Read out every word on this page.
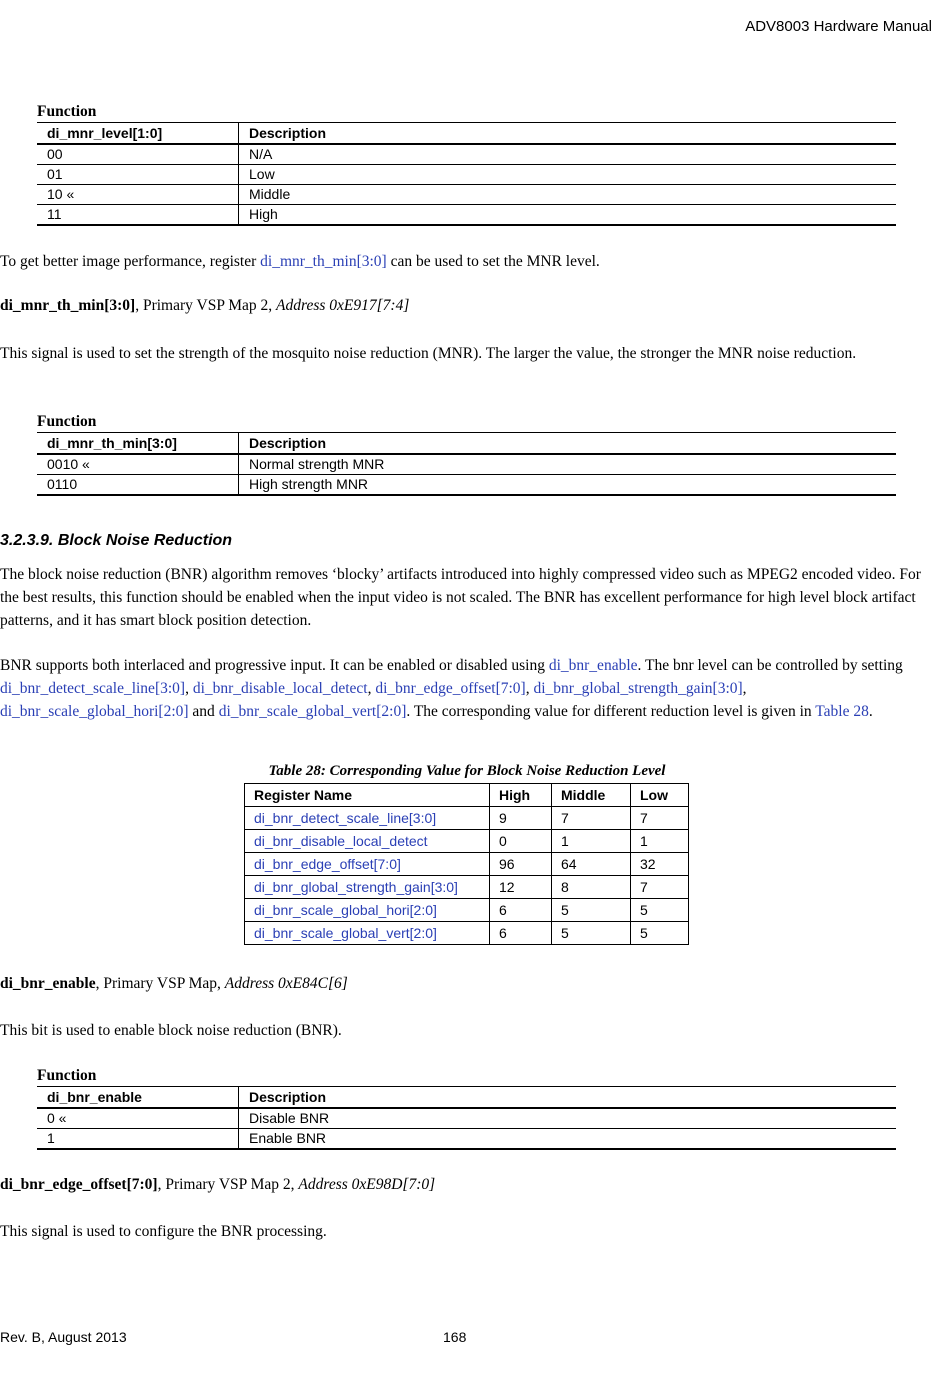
ADV8003 Hardware Manual
Function
di_mnr_level[1:0]	Description
00	N/A
01	Low
10 «	Middle
11	High
To get better image performance, register di_mnr_th_min[3:0] can be used to set the MNR level.
di_mnr_th_min[3:0], Primary VSP Map 2, Address 0xE917[7:4]
This signal is used to set the strength of the mosquito noise reduction (MNR). The larger the value, the stronger the MNR noise reduction.
Function
di_mnr_th_min[3:0]	Description
0010 «	Normal strength MNR
0110	High strength MNR
3.2.3.9. Block Noise Reduction
The block noise reduction (BNR) algorithm removes ‘blocky’ artifacts introduced into highly compressed video such as MPEG2 encoded video. For the best results, this function should be enabled when the input video is not scaled. The BNR has excellent performance for high level block artifact patterns, and it has smart block position detection.
BNR supports both interlaced and progressive input. It can be enabled or disabled using di_bnr_enable. The bnr level can be controlled by setting di_bnr_detect_scale_line[3:0], di_bnr_disable_local_detect, di_bnr_edge_offset[7:0], di_bnr_global_strength_gain[3:0], di_bnr_scale_global_hori[2:0] and di_bnr_scale_global_vert[2:0]. The corresponding value for different reduction level is given in Table 28.
Table 28: Corresponding Value for Block Noise Reduction Level
Register Name	High	Middle	Low
di_bnr_detect_scale_line[3:0]	9	7	7
di_bnr_disable_local_detect	0	1	1
di_bnr_edge_offset[7:0]	96	64	32
di_bnr_global_strength_gain[3:0]	12	8	7
di_bnr_scale_global_hori[2:0]	6	5	5
di_bnr_scale_global_vert[2:0]	6	5	5
di_bnr_enable, Primary VSP Map, Address 0xE84C[6]
This bit is used to enable block noise reduction (BNR).
Function
di_bnr_enable	Description
0 «	Disable BNR
1	Enable BNR
di_bnr_edge_offset[7:0], Primary VSP Map 2, Address 0xE98D[7:0]
This signal is used to configure the BNR processing.
Rev. B, August 2013	168
